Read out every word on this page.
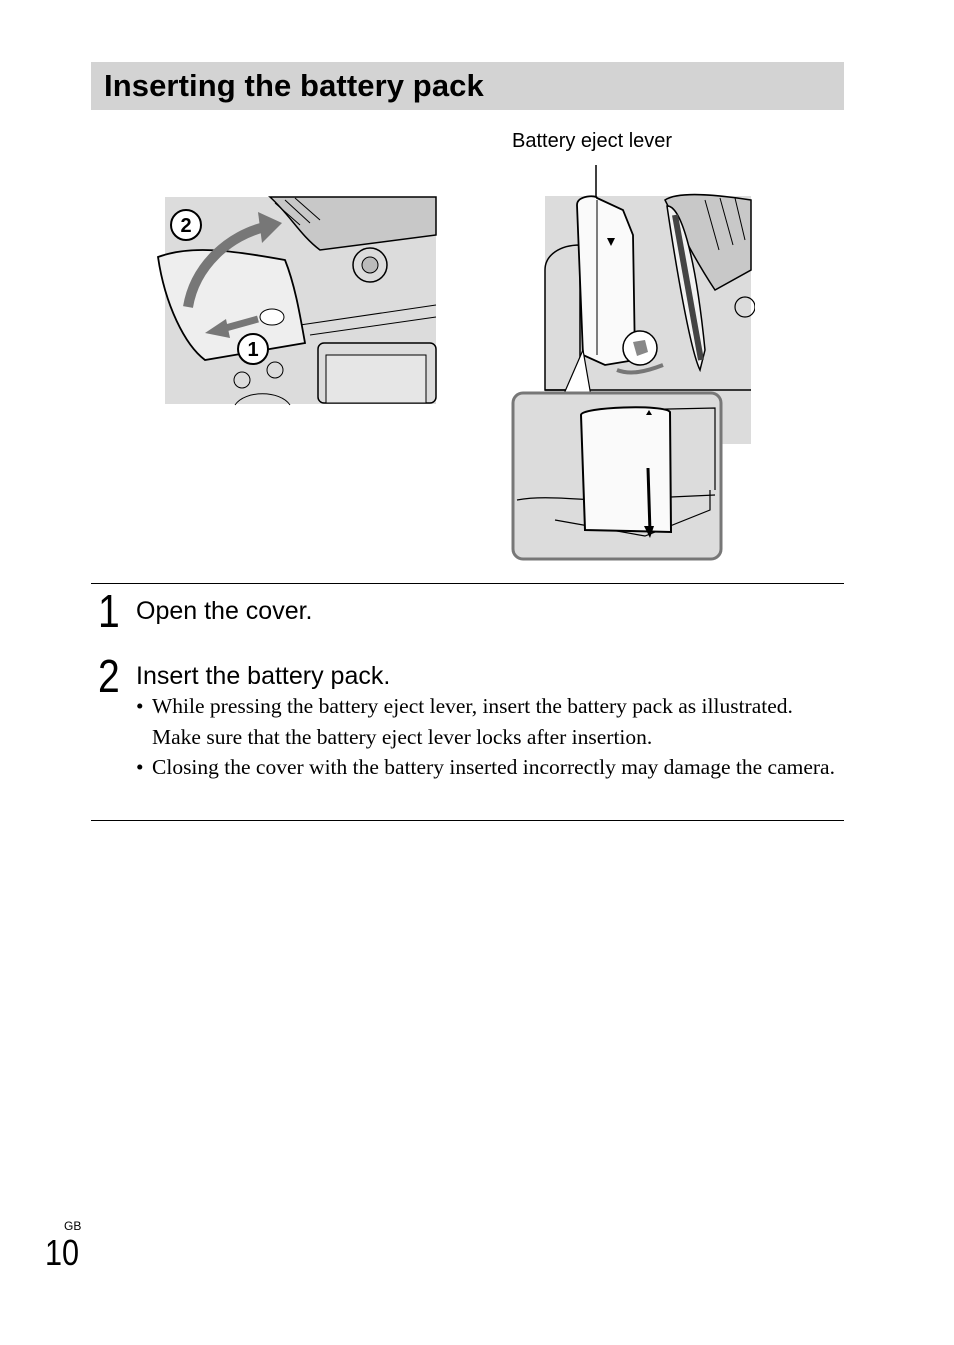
Inserting the battery pack
2
1
Battery eject lever
1 Open the cover.
2 Insert the battery pack.
• While pressing the battery eject lever, insert the battery pack as illustrated. Make sure that the battery eject lever locks after insertion.
• Closing the cover with the battery inserted incorrectly may damage the camera.
GB
10
